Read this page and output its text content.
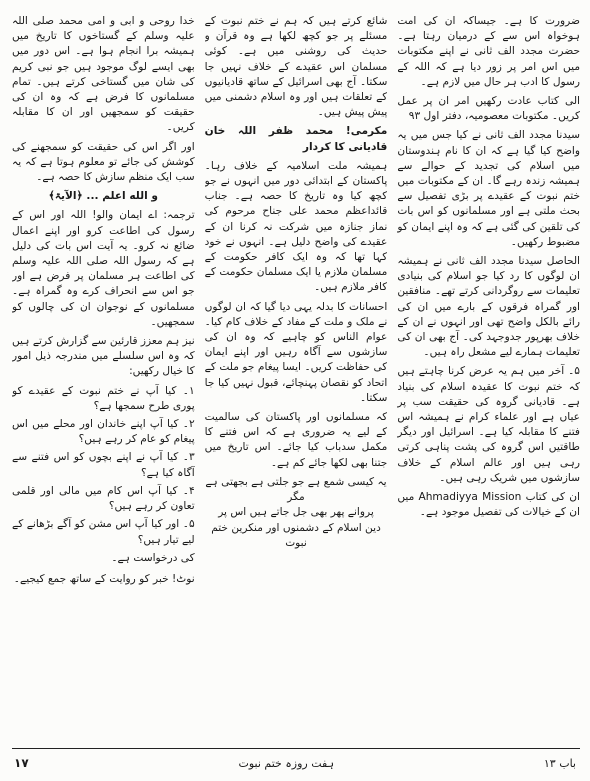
ضرورت کا ہے۔ جیساکہ ان کی امت ہوخواہ اس سے کے درمیان رہتا ہے۔ حضرت مجدد الف ثانی نے اپنے مکتوبات میں اس امر پر زور دیا ہے کہ اللہ کے رسول کا ادب ہر حال میں لازم ہے۔

الی کتاب عادت رکھیں امر ان پر عمل کریں۔ مکتوبات معصومیہ، دفتر اول ۹۳

سیدنا مجدد الف ثانی نے کیا جس میں یہ واضح کیا گیا ہے کہ ان کا نام ہندوستان میں اسلام کی تجدید کے حوالے سے ہمیشہ زندہ رہے گا۔ ان کے مکتوبات میں ختم نبوت کے عقیدے پر بڑی تفصیل سے بحث ملتی ہے اور مسلمانوں کو اس بات کی تلقین کی گئی ہے کہ وہ اپنے ایمان کو مضبوط رکھیں۔

الحاصل سیدنا مجدد الف ثانی نے ہمیشہ ان لوگوں کا رد کیا جو اسلام کی بنیادی تعلیمات سے روگردانی کرتے تھے۔ منافقین اور گمراہ فرقوں کے بارے میں ان کی رائے بالکل واضح تھی اور انہوں نے ان کے خلاف بھرپور جدوجہد کی۔ آج بھی ان کی تعلیمات ہمارے لیے مشعل راہ ہیں۔

۵۔ آخر میں ہم یہ عرض کرنا چاہتے ہیں کہ ختم نبوت کا عقیدہ اسلام کی بنیاد ہے۔ قادیانی گروہ کی حقیقت سب پر عیاں ہے اور علماء کرام نے ہمیشہ اس فتنے کا مقابلہ کیا ہے۔ اسرائیل اور دیگر طاقتیں اس گروہ کی پشت پناہی کرتی رہی ہیں اور عالم اسلام کے خلاف سازشوں میں شریک رہی ہیں۔

ان کی کتاب Ahmadiyya Mission میں ان کے خیالات کی تفصیل موجود ہے۔

شائع کرتے ہیں کہ ہم نے ختم نبوت کے مسئلے پر جو کچھ لکھا ہے وہ قرآن و حدیث کی روشنی میں ہے۔ کوئی مسلمان اس عقیدے کے خلاف نہیں جا سکتا۔ آج بھی اسرائیل کے ساتھ قادیانیوں کے تعلقات ہیں اور وہ اسلام دشمنی میں پیش پیش ہیں۔

مکرمی! محمد ظفر اللہ خان قادیانی کا کردار

ہمیشہ ملت اسلامیہ کے خلاف رہا۔ پاکستان کے ابتدائی دور میں انہوں نے جو کچھ کیا وہ تاریخ کا حصہ ہے۔ جناب قائداعظم محمد علی جناح مرحوم کی نماز جنازہ میں شرکت نہ کرنا ان کے عقیدے کی واضح دلیل ہے۔ انہوں نے خود کہا تھا کہ وہ ایک کافر حکومت کے مسلمان ملازم یا ایک مسلمان حکومت کے کافر ملازم ہیں۔

احسانات کا بدلہ یہی دیا گیا کہ ان لوگوں نے ملک و ملت کے مفاد کے خلاف کام کیا۔ عوام الناس کو چاہیے کہ وہ ان کی سازشوں سے آگاہ رہیں اور اپنے ایمان کی حفاظت کریں۔ ایسا پیغام جو ملت کے اتحاد کو نقصان پہنچائے، قبول نہیں کیا جا سکتا۔

کہ مسلمانوں اور پاکستان کی سالمیت کے لیے یہ ضروری ہے کہ اس فتنے کا مکمل سدباب کیا جائے۔ اس تاریخ میں جتنا بھی لکھا جائے کم ہے۔

یہ کیسی شمع ہے جو جلتی ہے بجھتی ہے مگر

پروانے پھر بھی جل جاتے ہیں اس پر

دین اسلام کے دشمنوں اور منکرین ختم نبوت

خدا روحی و ابی و امی محمد صلی اللہ علیہ وسلم کے گستاخوں کا تاریخ میں ہمیشہ برا انجام ہوا ہے۔ اس دور میں بھی ایسے لوگ موجود ہیں جو نبی کریم کی شان میں گستاخی کرتے ہیں۔ تمام مسلمانوں کا فرض ہے کہ وہ ان کی حقیقت کو سمجھیں اور ان کا مقابلہ کریں۔

اور اگر اس کی حقیقت کو سمجھنے کی کوشش کی جائے تو معلوم ہوتا ہے کہ یہ سب ایک منظم سازش کا حصہ ہے۔

و الله اعلم ... ﴿الآیۃ﴾

ترجمہ: اے ایمان والو! اللہ اور اس کے رسول کی اطاعت کرو اور اپنے اعمال ضائع نہ کرو۔ یہ آیت اس بات کی دلیل ہے کہ رسول اللہ صلی اللہ علیہ وسلم کی اطاعت ہر مسلمان پر فرض ہے اور جو اس سے انحراف کرے وہ گمراہ ہے۔ مسلمانوں کے نوجوان ان کی چالوں کو سمجھیں۔

نیز ہم معزز قارئین سے گزارش کرتے ہیں کہ وہ اس سلسلے میں مندرجہ ذیل امور کا خیال رکھیں:

۱۔ کیا آپ نے ختم نبوت کے عقیدے کو پوری طرح سمجھا ہے؟

۲۔ کیا آپ اپنے خاندان اور محلے میں اس پیغام کو عام کر رہے ہیں؟

۳۔ کیا آپ نے اپنے بچوں کو اس فتنے سے آگاہ کیا ہے؟

۴۔ کیا آپ اس کام میں مالی اور قلمی تعاون کر رہے ہیں؟

۵۔ اور کیا آپ اس مشن کو آگے بڑھانے کے لیے تیار ہیں؟

کی درخواست ہے۔

نوٹ! خبر کو روایت کے ساتھ جمع کیجیے۔

۱۷	ہفت روزہ ختم نبوت	باب ۱۳
